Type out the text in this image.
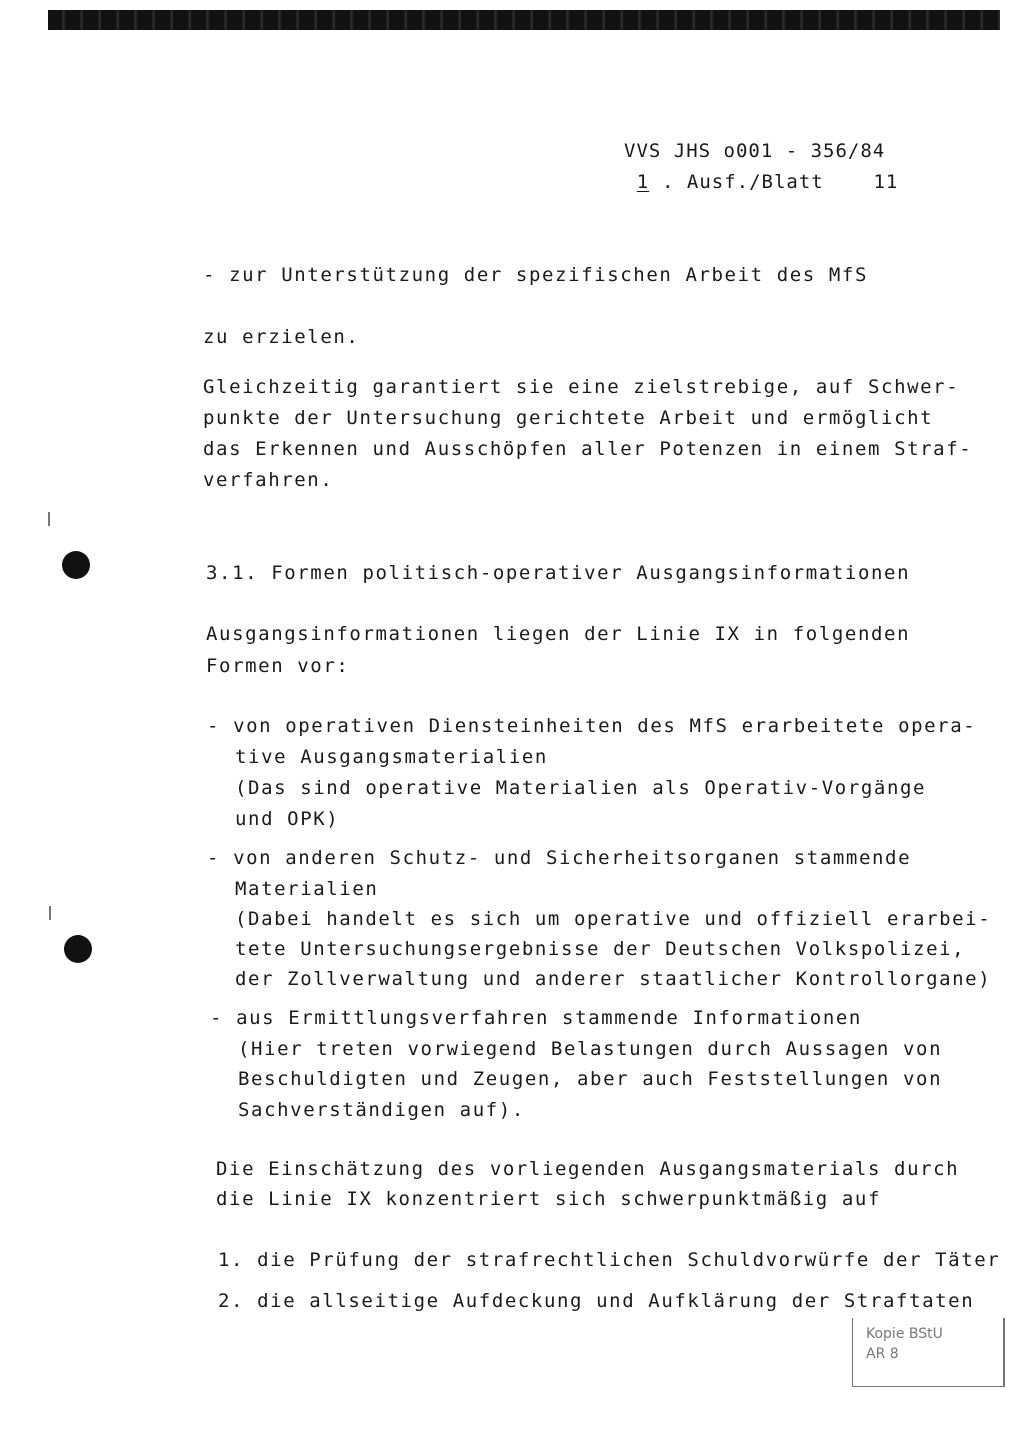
VVS JHS o001 - 356/84
1 . Ausf./Blatt	11
- zur Unterstützung der spezifischen Arbeit des MfS
zu erzielen.
Gleichzeitig garantiert sie eine zielstrebige, auf Schwer-
punkte der Untersuchung gerichtete Arbeit und ermöglicht
das Erkennen und Ausschöpfen aller Potenzen in einem Straf-
verfahren.
3.1. Formen politisch-operativer Ausgangsinformationen
Ausgangsinformationen liegen der Linie IX in folgenden
Formen vor:
- von operativen Diensteinheiten des MfS erarbeitete opera-
tive Ausgangsmaterialien
(Das sind operative Materialien als Operativ-Vorgänge
und OPK)
- von anderen Schutz- und Sicherheitsorganen stammende
Materialien
(Dabei handelt es sich um operative und offiziell erarbei-
tete Untersuchungsergebnisse der Deutschen Volkspolizei,
der Zollverwaltung und anderer staatlicher Kontrollorgane)
- aus Ermittlungsverfahren stammende Informationen
(Hier treten vorwiegend Belastungen durch Aussagen von
Beschuldigten und Zeugen, aber auch Feststellungen von
Sachverständigen auf).
Die Einschätzung des vorliegenden Ausgangsmaterials durch
die Linie IX konzentriert sich schwerpunktmäßig auf
1. die Prüfung der strafrechtlichen Schuldvorwürfe der Täter
2. die allseitige Aufdeckung und Aufklärung der Straftaten
Kopie BStU
AR 8
